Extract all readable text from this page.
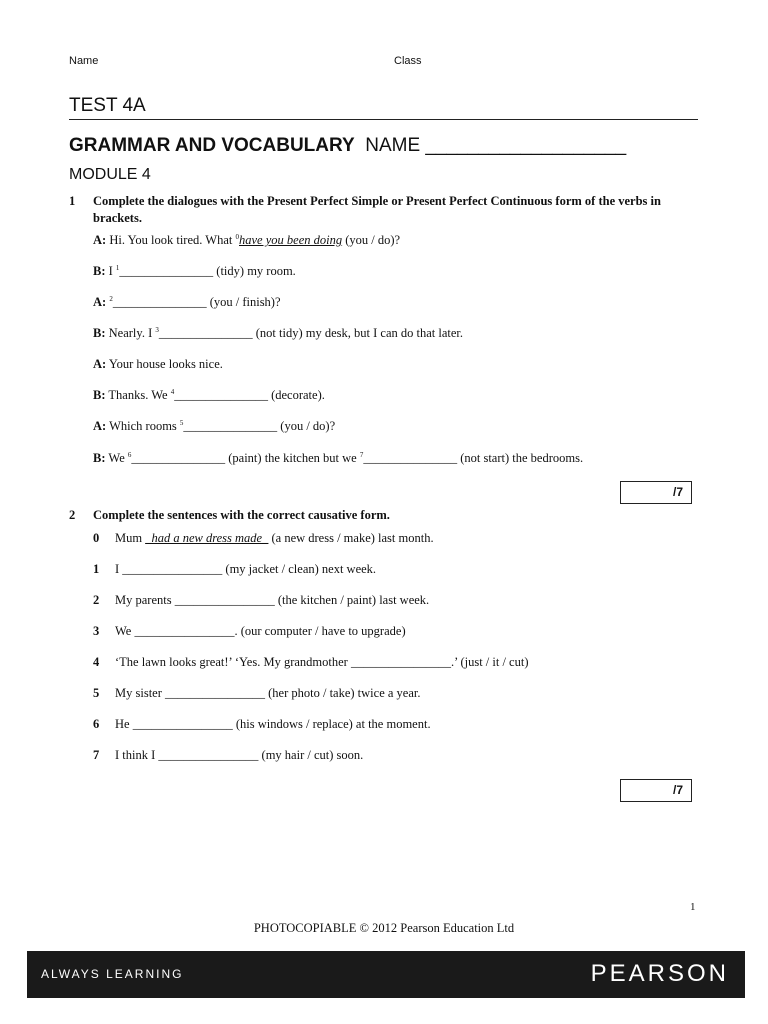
Name	Class
TEST 4A
GRAMMAR AND VOCABULARY NAME ___________________
MODULE 4
1 Complete the dialogues with the Present Perfect Simple or Present Perfect Continuous form of the verbs in brackets.
A: Hi. You look tired. What $^0$have you been doing (you / do)?
B: I $^1$_______________ (tidy) my room.
A: $^2$_______________ (you / finish)?
B: Nearly. I $^3$_______________ (not tidy) my desk, but I can do that later.
A: Your house looks nice.
B: Thanks. We $^4$_______________ (decorate).
A: Which rooms $^5$_______________ (you / do)?
B: We $^6$_______________ (paint) the kitchen but we $^7$_______________ (not start) the bedrooms.
/7
2 Complete the sentences with the correct causative form.
0 Mum _had a new dress made_ (a new dress / make) last month.
1 I ________________ (my jacket / clean) next week.
2 My parents ________________ (the kitchen / paint) last week.
3 We ________________. (our computer / have to upgrade)
4 ‘The lawn looks great!’ ‘Yes. My grandmother ________________.’ (just / it / cut)
5 My sister ________________ (her photo / take) twice a year.
6 He ________________ (his windows / replace) at the moment.
7 I think I ________________ (my hair / cut) soon.
/7
1
PHOTOCOPIABLE © 2012 Pearson Education Ltd
ALWAYS LEARNING	PEARSON
